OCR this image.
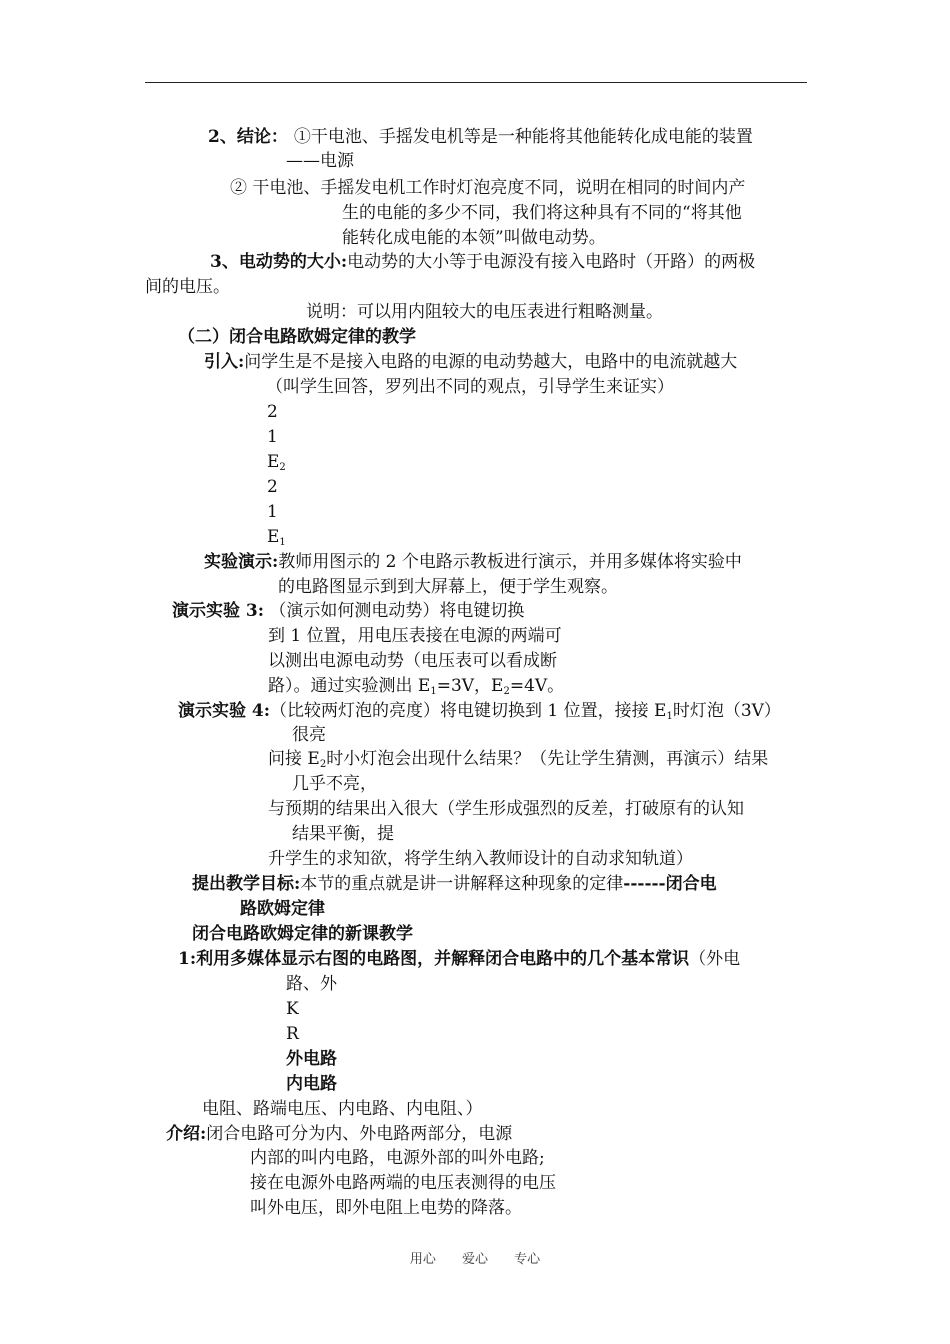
2、结论： ①干电池、手摇发电机等是一种能将其他能转化成电能的装置
——电源
② 干电池、手摇发电机工作时灯泡亮度不同，说明在相同的时间内产
生的电能的多少不同，我们将这种具有不同的“将其他
能转化成电能的本领”叫做电动势。
3、电动势的大小:电动势的大小等于电源没有接入电路时（开路）的两极
间的电压。
说明：可以用内阻较大的电压表进行粗略测量。
（二）闭合电路欧姆定律的教学
引入:问学生是不是接入电路的电源的电动势越大，电路中的电流就越大
（叫学生回答，罗列出不同的观点，引导学生来证实）
2
1
$E_2$
2
1
$E_1$
实验演示:教师用图示的 2 个电路示教板进行演示，并用多媒体将实验中
的电路图显示到到大屏幕上，便于学生观察。
演示实验 3: （演示如何测电动势）将电键切换
到 1 位置，用电压表接在电源的两端可
以测出电源电动势（电压表可以看成断
路）。通过实验测出 $E_1=3V$，$E_2=4V$。
演示实验 4:（比较两灯泡的亮度）将电键切换到 1 位置，接接 $E_1$时灯泡（3V）
很亮
问接 $E_2$时小灯泡会出现什么结果？（先让学生猜测，再演示）结果
几乎不亮，
与预期的结果出入很大（学生形成强烈的反差，打破原有的认知
结果平衡，提
升学生的求知欲，将学生纳入教师设计的自动求知轨道）
提出教学目标:本节的重点就是讲一讲解释这种现象的定律------闭合电
路欧姆定律
闭合电路欧姆定律的新课教学
1:利用多媒体显示右图的电路图，并解释闭合电路中的几个基本常识（外电
路、外
K
R
外电路
内电路
电阻、路端电压、内电路、内电阻、）
介绍:闭合电路可分为内、外电路两部分，电源
内部的叫内电路，电源外部的叫外电路;
接在电源外电路两端的电压表测得的电压
叫外电压，即外电阻上电势的降落。
用心 爱心 专心
